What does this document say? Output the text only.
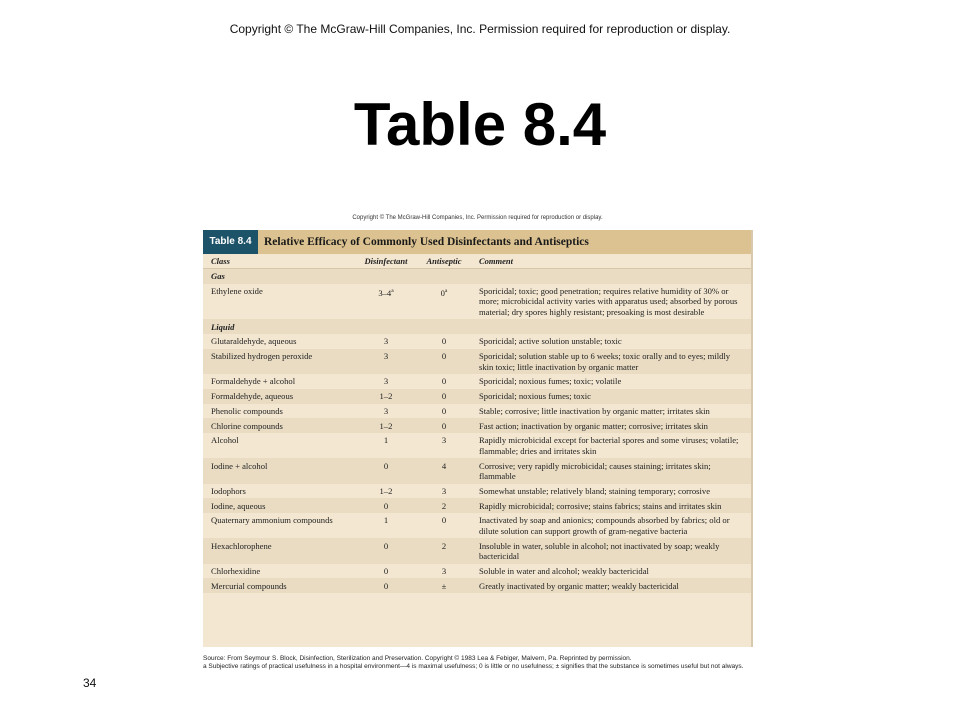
Copyright © The McGraw-Hill Companies, Inc. Permission required for reproduction or display.
Table 8.4
Copyright © The McGraw-Hill Companies, Inc. Permission required for reproduction or display.
Table 8.4	Relative Efficacy of Commonly Used Disinfectants and Antiseptics
Class	Disinfectant	Antiseptic	Comment
Gas
Ethylene oxide	3–4$^a$	0$^a$	Sporicidal; toxic; good penetration; requires relative humidity of 30% or more; microbicidal activity varies with apparatus used; absorbed by porous material; dry spores highly resistant; presoaking is most desirable
Liquid
Glutaraldehyde, aqueous	3	0	Sporicidal; active solution unstable; toxic
Stabilized hydrogen peroxide	3	0	Sporicidal; solution stable up to 6 weeks; toxic orally and to eyes; mildly skin toxic; little inactivation by organic matter
Formaldehyde + alcohol	3	0	Sporicidal; noxious fumes; toxic; volatile
Formaldehyde, aqueous	1–2	0	Sporicidal; noxious fumes; toxic
Phenolic compounds	3	0	Stable; corrosive; little inactivation by organic matter; irritates skin
Chlorine compounds	1–2	0	Fast action; inactivation by organic matter; corrosive; irritates skin
Alcohol	1	3	Rapidly microbicidal except for bacterial spores and some viruses; volatile; flammable; dries and irritates skin
Iodine + alcohol	0	4	Corrosive; very rapidly microbicidal; causes staining; irritates skin; flammable
Iodophors	1–2	3	Somewhat unstable; relatively bland; staining temporary; corrosive
Iodine, aqueous	0	2	Rapidly microbicidal; corrosive; stains fabrics; stains and irritates skin
Quaternary ammonium compounds	1	0	Inactivated by soap and anionics; compounds absorbed by fabrics; old or dilute solution can support growth of gram-negative bacteria
Hexachlorophene	0	2	Insoluble in water, soluble in alcohol; not inactivated by soap; weakly bactericidal
Chlorhexidine	0	3	Soluble in water and alcohol; weakly bactericidal
Mercurial compounds	0	±	Greatly inactivated by organic matter; weakly bactericidal
Source: From Seymour S. Block, Disinfection, Sterilization and Preservation. Copyright © 1983 Lea & Febiger, Malvern, Pa. Reprinted by permission.
a Subjective ratings of practical usefulness in a hospital environment—4 is maximal usefulness; 0 is little or no usefulness; ± signifies that the substance is sometimes useful but not always.
34
